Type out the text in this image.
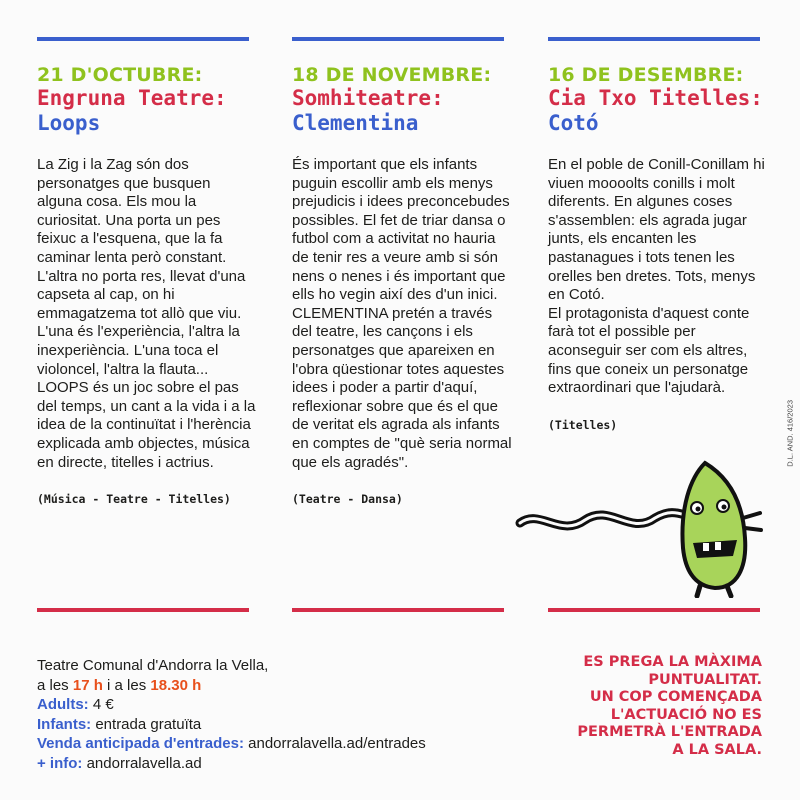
21 D'OCTUBRE:
Engruna Teatre:
Loops

La Zig i la Zag són dos personatges que busquen alguna cosa. Els mou la curiositat. Una porta un pes feixuc a l'esquena, que la fa caminar lenta però constant. L'altra no porta res, llevat d'una capseta al cap, on hi emmagatzema tot allò que viu. L'una és l'experiència, l'altra la inexperiència. L'una toca el violoncel, l'altra la flauta...

LOOPS és un joc sobre el pas del temps, un cant a la vida i a la idea de la continuïtat i l'herència explicada amb objectes, música en directe, titelles i actrius.

(Música - Teatre - Titelles)
18 DE NOVEMBRE:
Somhiteatre:
Clementina

És important que els infants puguin escollir amb els menys prejudicis i idees preconcebudes possibles. El fet de triar dansa o futbol com a activitat no hauria de tenir res a veure amb si són nens o nenes i és important que ells ho vegin així des d'un inici.

CLEMENTINA pretén a través del teatre, les cançons i els personatges que apareixen en l'obra qüestionar totes aquestes idees i poder a partir d'aquí, reflexionar sobre que és el que de veritat els agrada als infants en comptes de "què seria normal que els agradés".

(Teatre - Dansa)
16 DE DESEMBRE:
Cia Txo Titelles:
Cotó

En el poble de Conill-Conillam hi viuen moooolts conills i molt diferents. En algunes coses s'assemblen: els agrada jugar junts, els encanten les pastanagues i tots tenen les orelles ben dretes. Tots, menys en Cotó.

El protagonista d'aquest conte farà tot el possible per aconseguir ser com els altres, fins que coneix un personatge extraordinari que l'ajudarà.

(Titelles)
Teatre Comunal d'Andorra la Vella,
a les 17 h i a les 18.30 h
Adults: 4 €
Infants: entrada gratuïta
Venda anticipada d'entrades: andorralavella.ad/entrades
+ info: andorralavella.ad
ES PREGA LA MÀXIMA
PUNTUALITAT.
UN COP COMENÇADA
L'ACTUACIÓ NO ES
PERMETRÀ L'ENTRADA
A LA SALA.
D.L. AND. 416/2023
